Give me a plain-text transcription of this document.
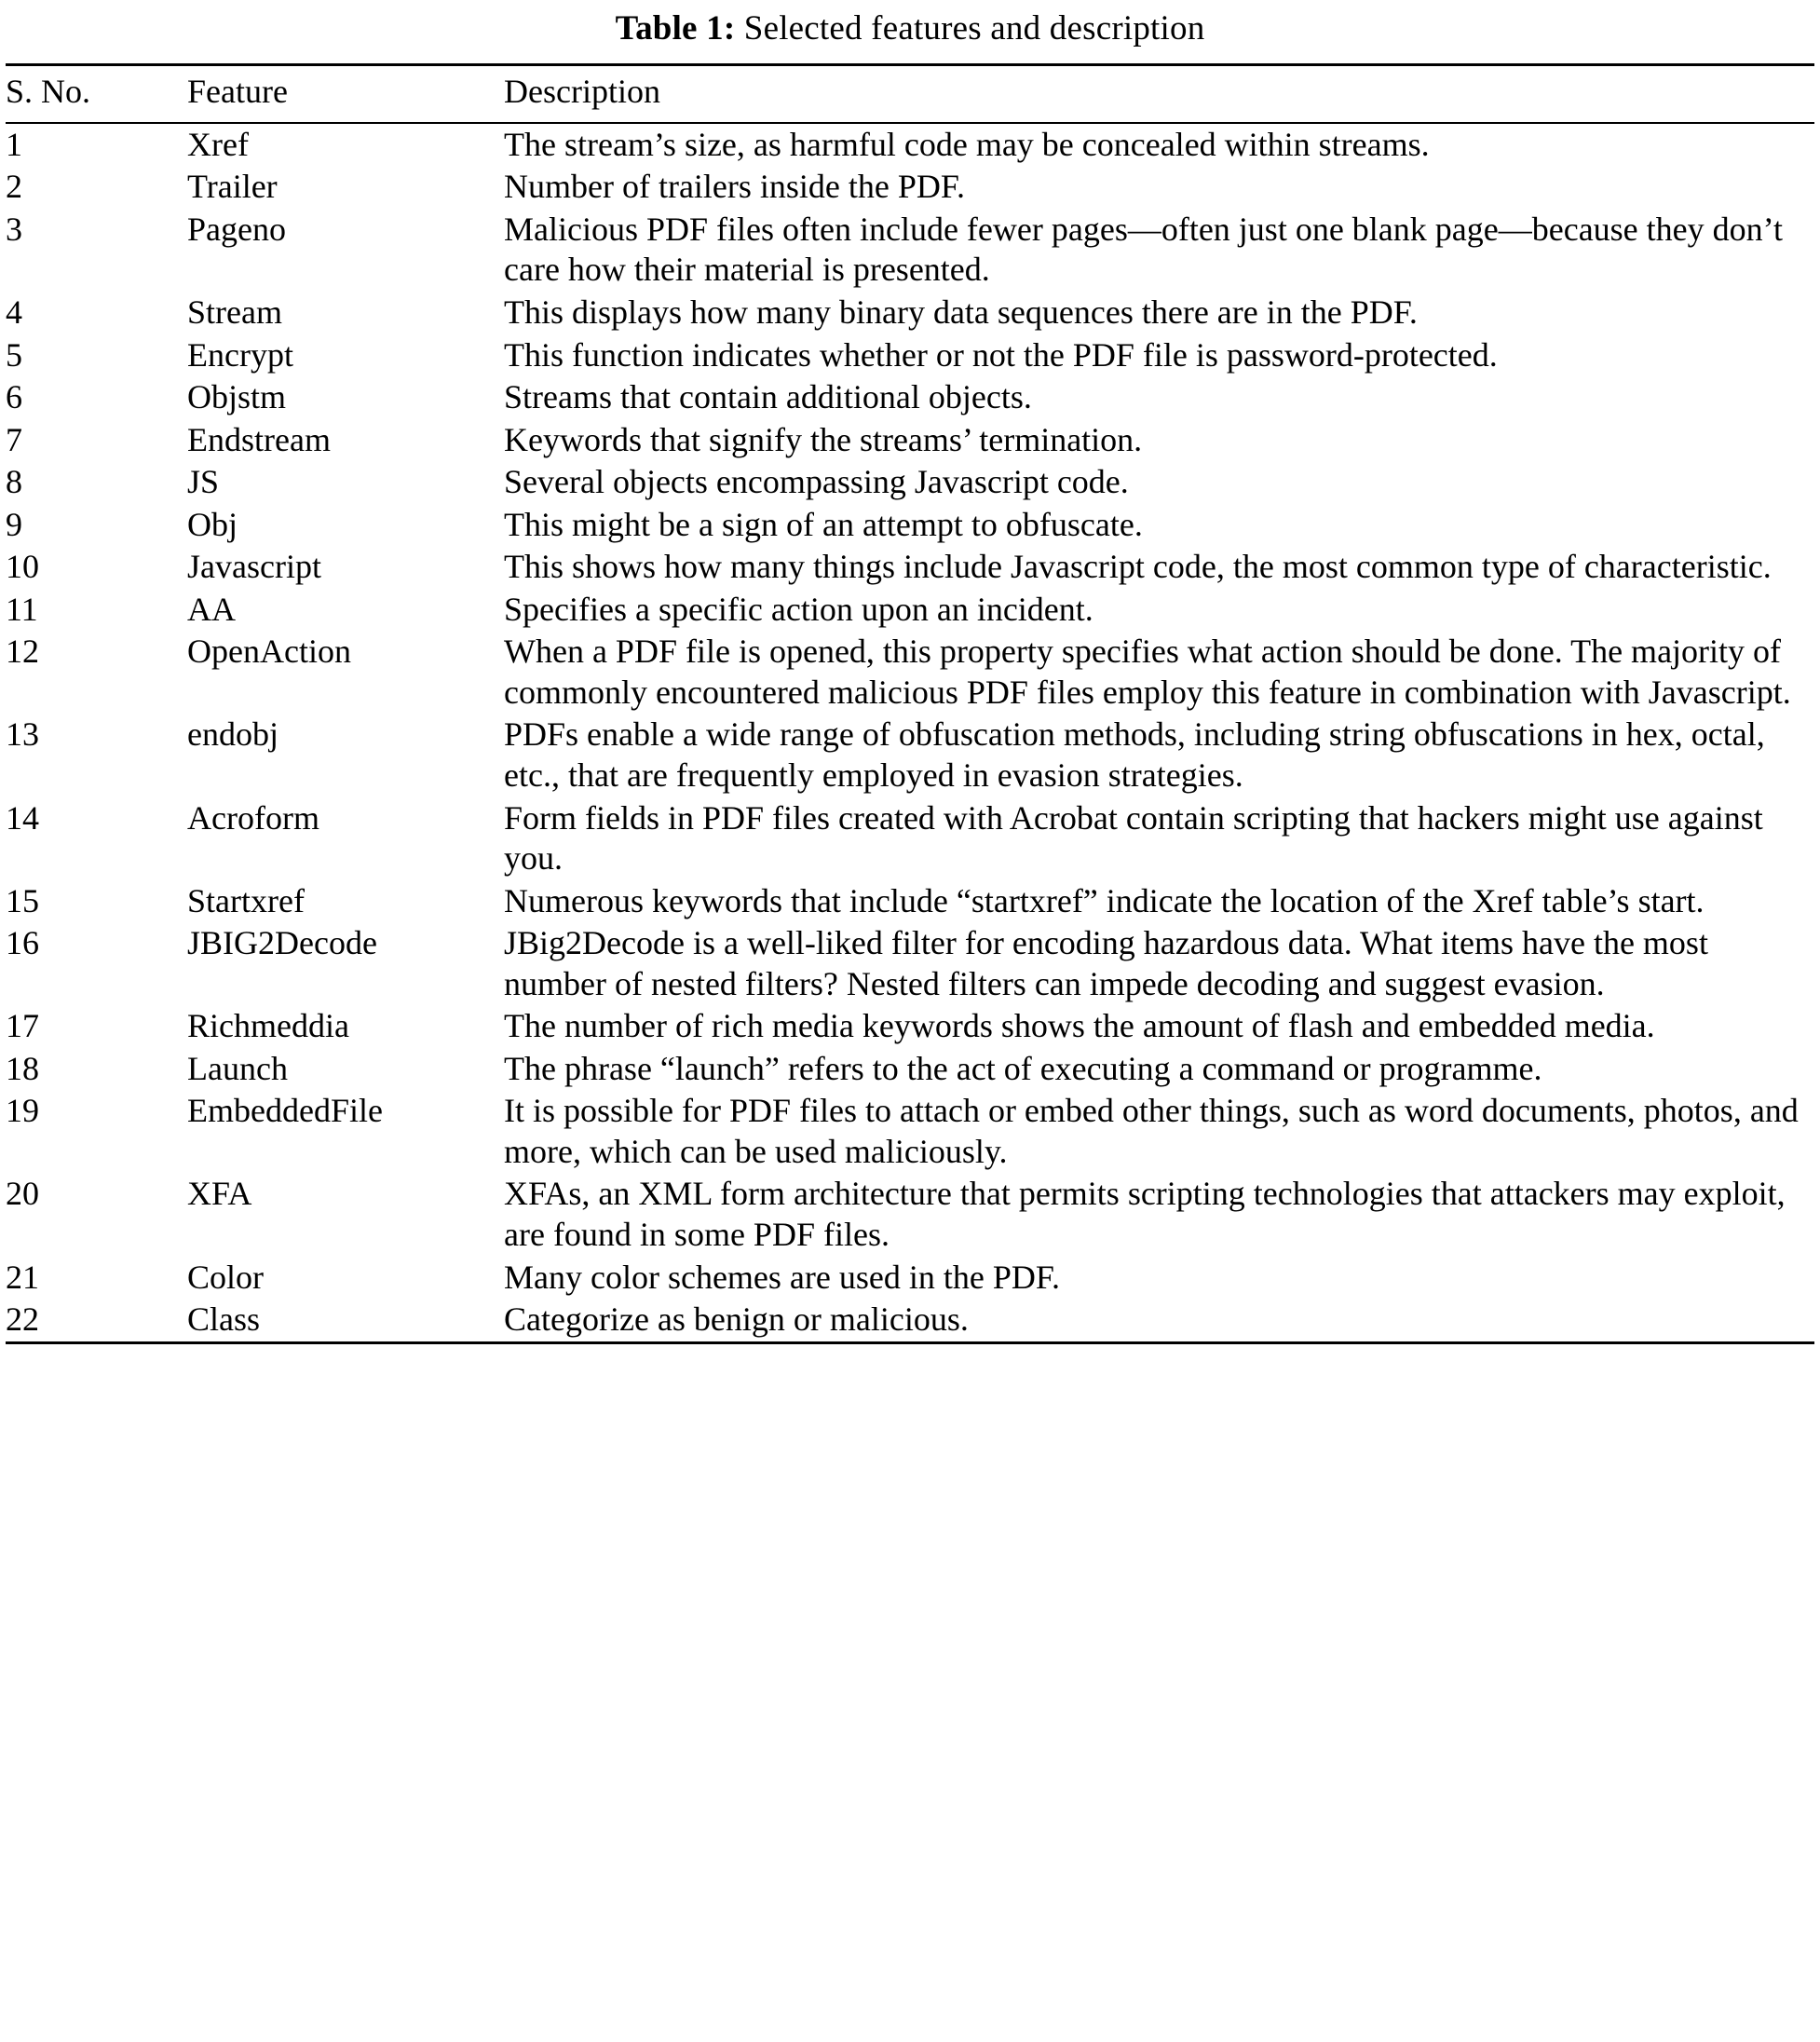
Table 1: Selected features and description
S. No.	Feature	Description
1	Xref	The stream’s size, as harmful code may be concealed within streams.
2	Trailer	Number of trailers inside the PDF.
3	Pageno	Malicious PDF files often include fewer pages—often just one blank page—because they don’t care how their material is presented.
4	Stream	This displays how many binary data sequences there are in the PDF.
5	Encrypt	This function indicates whether or not the PDF file is password-protected.
6	Objstm	Streams that contain additional objects.
7	Endstream	Keywords that signify the streams’ termination.
8	JS	Several objects encompassing Javascript code.
9	Obj	This might be a sign of an attempt to obfuscate.
10	Javascript	This shows how many things include Javascript code, the most common type of characteristic.
11	AA	Specifies a specific action upon an incident.
12	OpenAction	When a PDF file is opened, this property specifies what action should be done. The majority of commonly encountered malicious PDF files employ this feature in combination with Javascript.
13	endobj	PDFs enable a wide range of obfuscation methods, including string obfuscations in hex, octal, etc., that are frequently employed in evasion strategies.
14	Acroform	Form fields in PDF files created with Acrobat contain scripting that hackers might use against you.
15	Startxref	Numerous keywords that include “startxref” indicate the location of the Xref table’s start.
16	JBIG2Decode	JBig2Decode is a well-liked filter for encoding hazardous data. What items have the most number of nested filters? Nested filters can impede decoding and suggest evasion.
17	Richmeddia	The number of rich media keywords shows the amount of flash and embedded media.
18	Launch	The phrase “launch” refers to the act of executing a command or programme.
19	EmbeddedFile	It is possible for PDF files to attach or embed other things, such as word documents, photos, and more, which can be used maliciously.
20	XFA	XFAs, an XML form architecture that permits scripting technologies that attackers may exploit, are found in some PDF files.
21	Color	Many color schemes are used in the PDF.
22	Class	Categorize as benign or malicious.
